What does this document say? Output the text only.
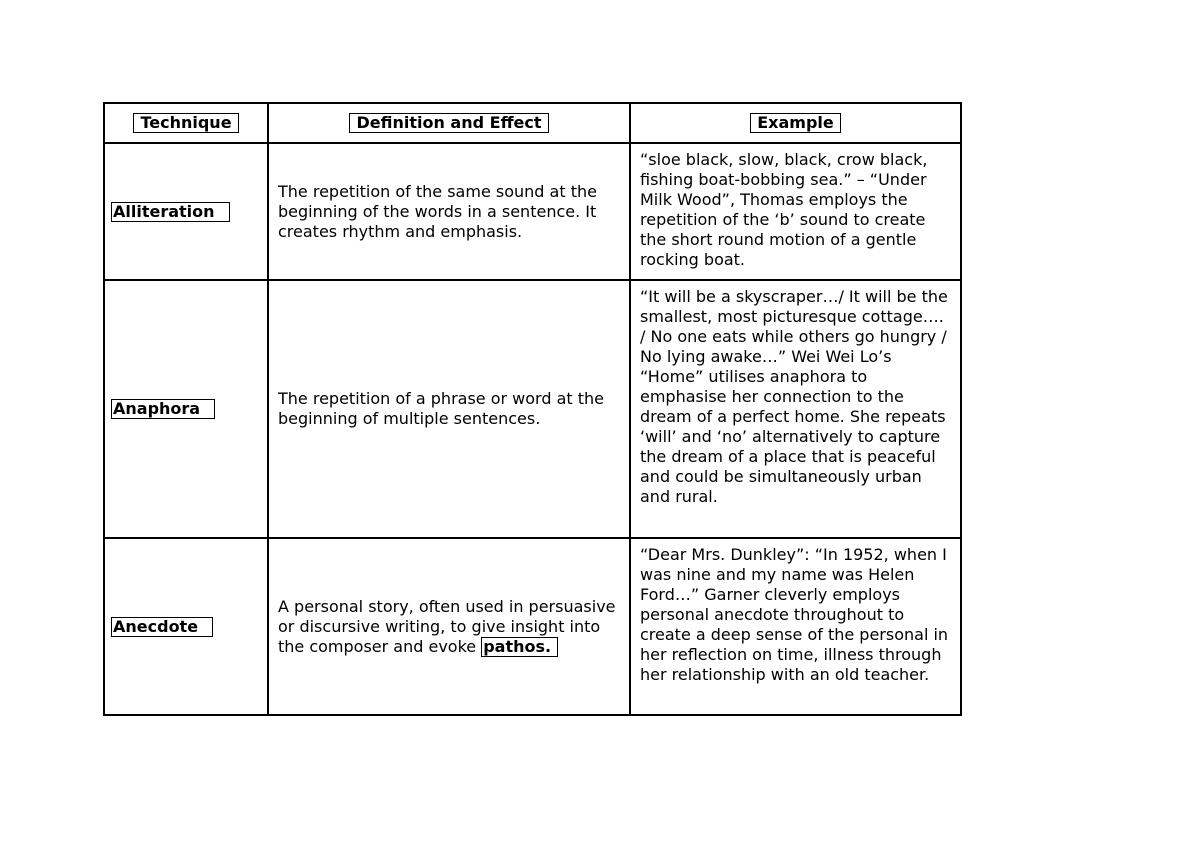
Technique	Definition and Effect	Example
Alliteration	The repetition of the same sound at the beginning of the words in a sentence. It creates rhythm and emphasis.	“sloe black, slow, black, crow black, fishing boat-bobbing sea.” – “Under Milk Wood”, Thomas employs the repetition of the ‘b’ sound to create the short round motion of a gentle rocking boat.
Anaphora	The repetition of a phrase or word at the beginning of multiple sentences.	“It will be a skyscraper…/ It will be the smallest, most picturesque cottage…. / No one eats while others go hungry / No lying awake…” Wei Wei Lo’s “Home” utilises anaphora to emphasise her connection to the dream of a perfect home. She repeats ‘will’ and ‘no’ alternatively to capture the dream of a place that is peaceful and could be simultaneously urban and rural.
Anecdote	A personal story, often used in persuasive or discursive writing, to give insight into the composer and evoke pathos.	“Dear Mrs. Dunkley”: “In 1952, when I was nine and my name was Helen Ford…” Garner cleverly employs personal anecdote throughout to create a deep sense of the personal in her reflection on time, illness through her relationship with an old teacher.
